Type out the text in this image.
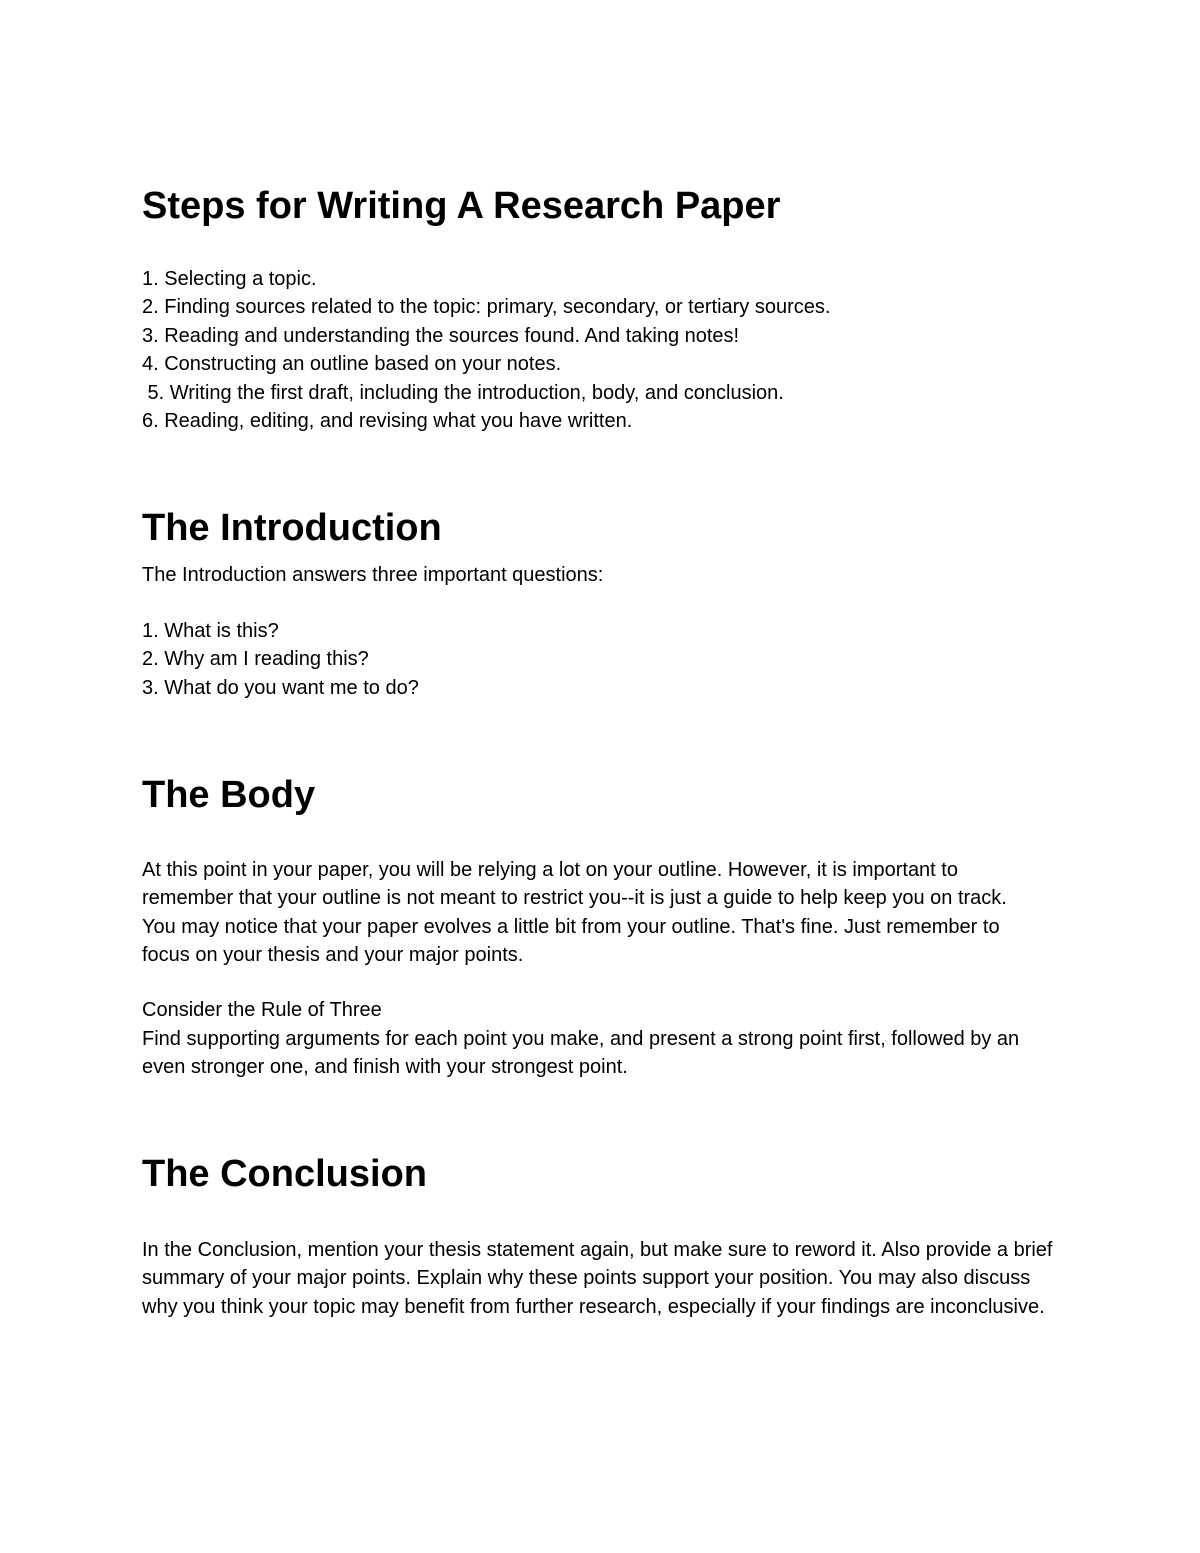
Steps for Writing A Research Paper

1. Selecting a topic.

2. Finding sources related to the topic: primary, secondary, or tertiary sources.

3. Reading and understanding the sources found. And taking notes!

4. Constructing an outline based on your notes.

5. Writing the first draft, including the introduction, body, and conclusion.

6. Reading, editing, and revising what you have written.

The Introduction

The Introduction answers three important questions:

1. What is this?

2. Why am I reading this?

3. What do you want me to do?

The Body

At this point in your paper, you will be relying a lot on your outline. However, it is important to remember that your outline is not meant to restrict you--it is just a guide to help keep you on track. You may notice that your paper evolves a little bit from your outline. That's fine. Just remember to focus on your thesis and your major points.

Consider the Rule of Three

Find supporting arguments for each point you make, and present a strong point first, followed by an even stronger one, and finish with your strongest point.

The Conclusion

In the Conclusion, mention your thesis statement again, but make sure to reword it. Also provide a brief summary of your major points. Explain why these points support your position. You may also discuss why you think your topic may benefit from further research, especially if your findings are inconclusive.
